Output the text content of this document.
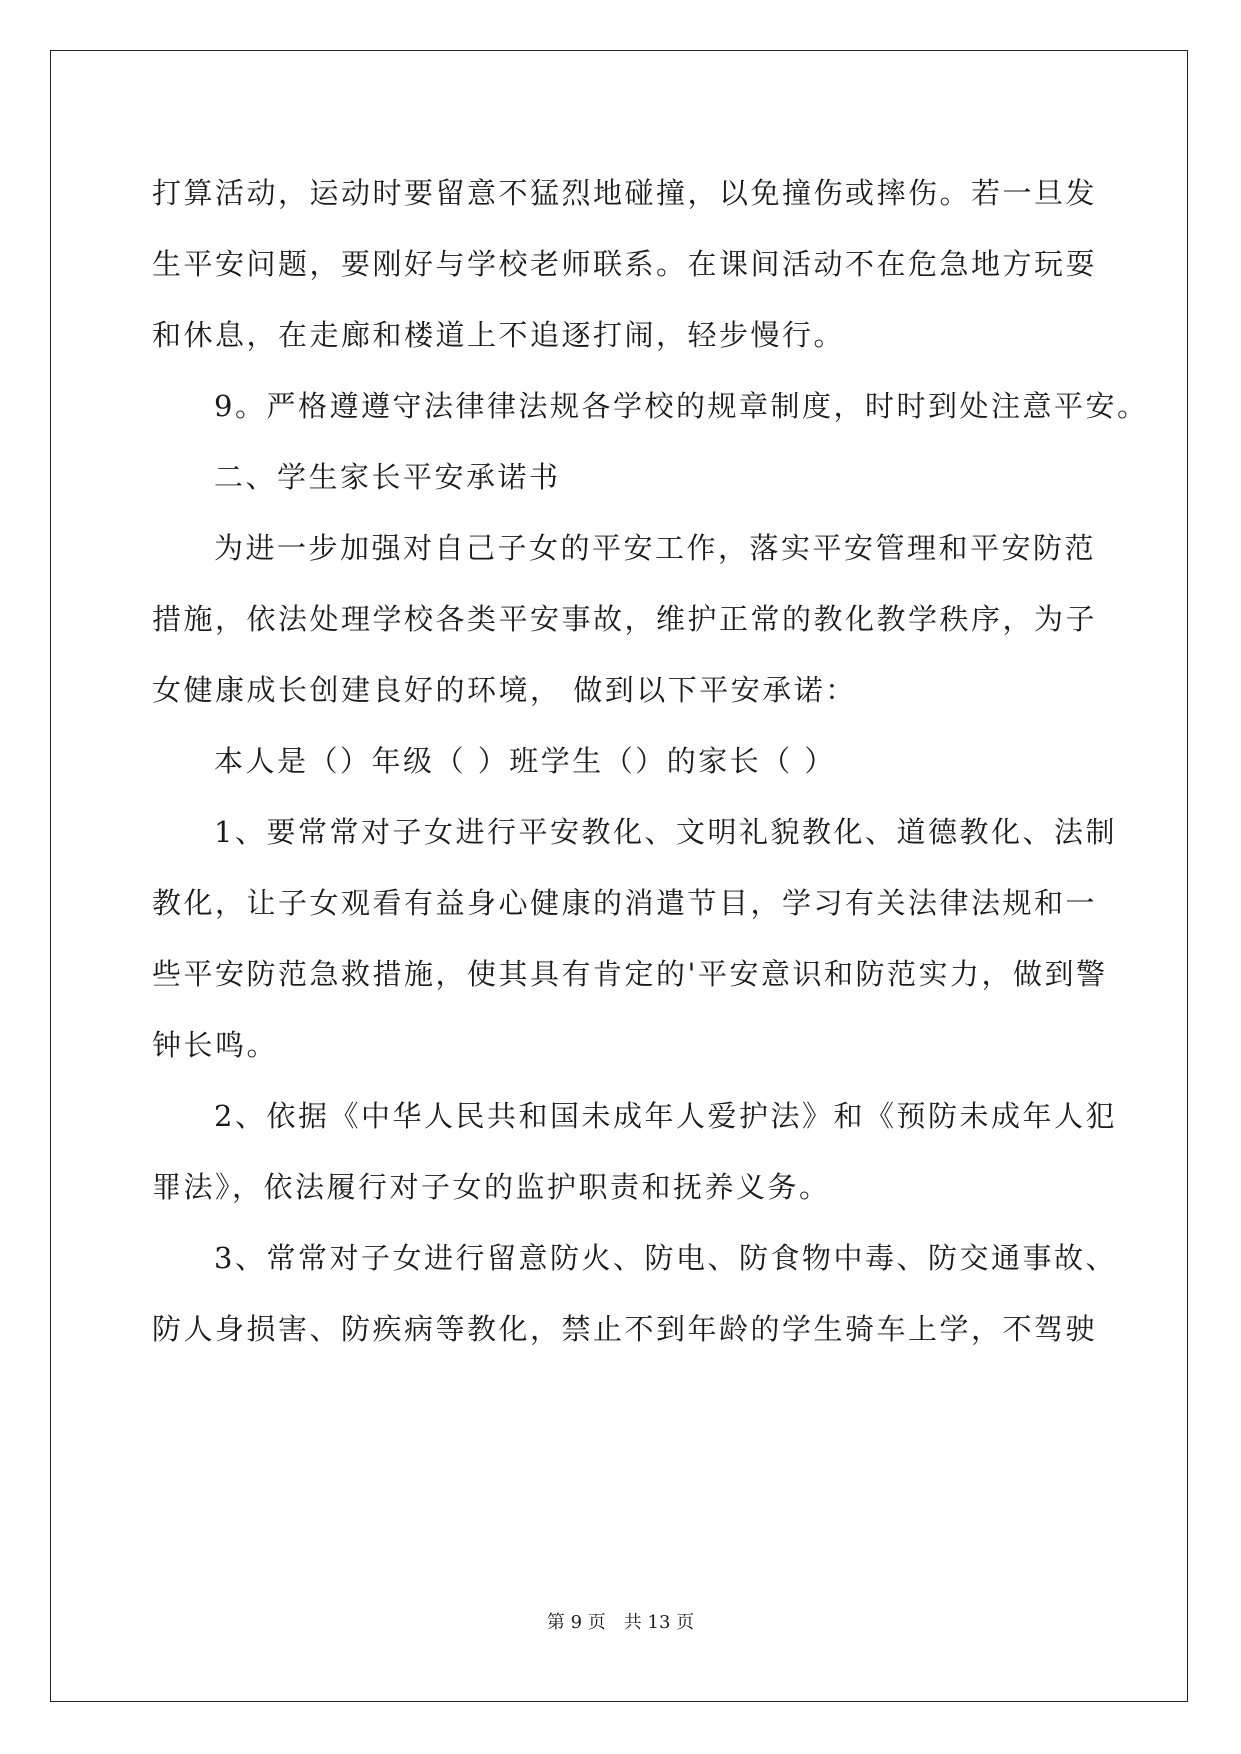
打算活动，运动时要留意不猛烈地碰撞，以免撞伤或摔伤。若一旦发
生平安问题，要刚好与学校老师联系。在课间活动不在危急地方玩耍
和休息，在走廊和楼道上不追逐打闹，轻步慢行。
9。严格遵遵守法律律法规各学校的规章制度，时时到处注意平安。
二、学生家长平安承诺书
为进一步加强对自己子女的平安工作，落实平安管理和平安防范
措施，依法处理学校各类平安事故，维护正常的教化教学秩序，为子
女健康成长创建良好的环境， 做到以下平安承诺：
本人是（）年级（ ）班学生（）的家长（ ）
1、要常常对子女进行平安教化、文明礼貌教化、道德教化、法制
教化，让子女观看有益身心健康的消遣节目，学习有关法律法规和一
些平安防范急救措施，使其具有肯定的'平安意识和防范实力，做到警
钟长鸣。
2、依据《中华人民共和国未成年人爱护法》和《预防未成年人犯
罪法》，依法履行对子女的监护职责和抚养义务。
3、常常对子女进行留意防火、防电、防食物中毒、防交通事故、
防人身损害、防疾病等教化，禁止不到年龄的学生骑车上学，不驾驶
第 9 页　共 13 页
